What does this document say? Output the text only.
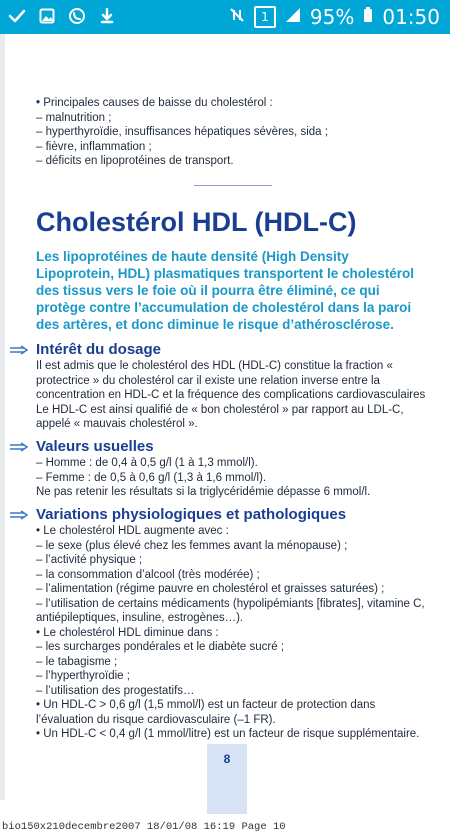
1 95% 01:50
• Principales causes de baisse du cholestérol :
– malnutrition ;
– hyperthyroïdie, insuffisances hépatiques sévères, sida ;
– fièvre, inflammation ;
– déficits en lipoprotéines de transport.
Cholestérol HDL (HDL-C)
Les lipoprotéines de haute densité (High Density Lipoprotein, HDL) plasmatiques transportent le cholestérol des tissus vers le foie où il pourra être éliminé, ce qui protège contre l’accumulation de cholestérol dans la paroi des artères, et donc diminue le risque d’athérosclérose.
Intérêt du dosage
Il est admis que le cholestérol des HDL (HDL-C) constitue la fraction « protectrice » du cholestérol car il existe une relation inverse entre la concentration en HDL-C et la fréquence des complications cardiovasculaires Le HDL-C est ainsi qualifié de « bon cholestérol » par rapport au LDL-C, appelé « mauvais cholestérol ».
Valeurs usuelles
– Homme : de 0,4 à 0,5 g/l (1 à 1,3 mmol/l).
– Femme : de 0,5 à 0,6 g/l (1,3 à 1,6 mmol/l).
Ne pas retenir les résultats si la triglycéridémie dépasse 6 mmol/l.
Variations physiologiques et pathologiques
• Le cholestérol HDL augmente avec :
– le sexe (plus élevé chez les femmes avant la ménopause) ;
– l’activité physique ;
– la consommation d’alcool (très modérée) ;
– l’alimentation (régime pauvre en cholestérol et graisses saturées) ;
– l’utilisation de certains médicaments (hypolipémiants [fibrates], vitamine C, antiépileptiques, insuline, estrogènes…).
• Le cholestérol HDL diminue dans :
– les surcharges pondérales et le diabète sucré ;
– le tabagisme ;
– l’hyperthyroïdie ;
– l’utilisation des progestatifs…
• Un HDL-C > 0,6 g/l (1,5 mmol/l) est un facteur de protection dans l’évaluation du risque cardiovasculaire (–1 FR).
• Un HDL-C < 0,4 g/l (1 mmol/litre) est un facteur de risque supplémentaire.
8
bio150x210decembre2007 18/01/08 16:19 Page 10
